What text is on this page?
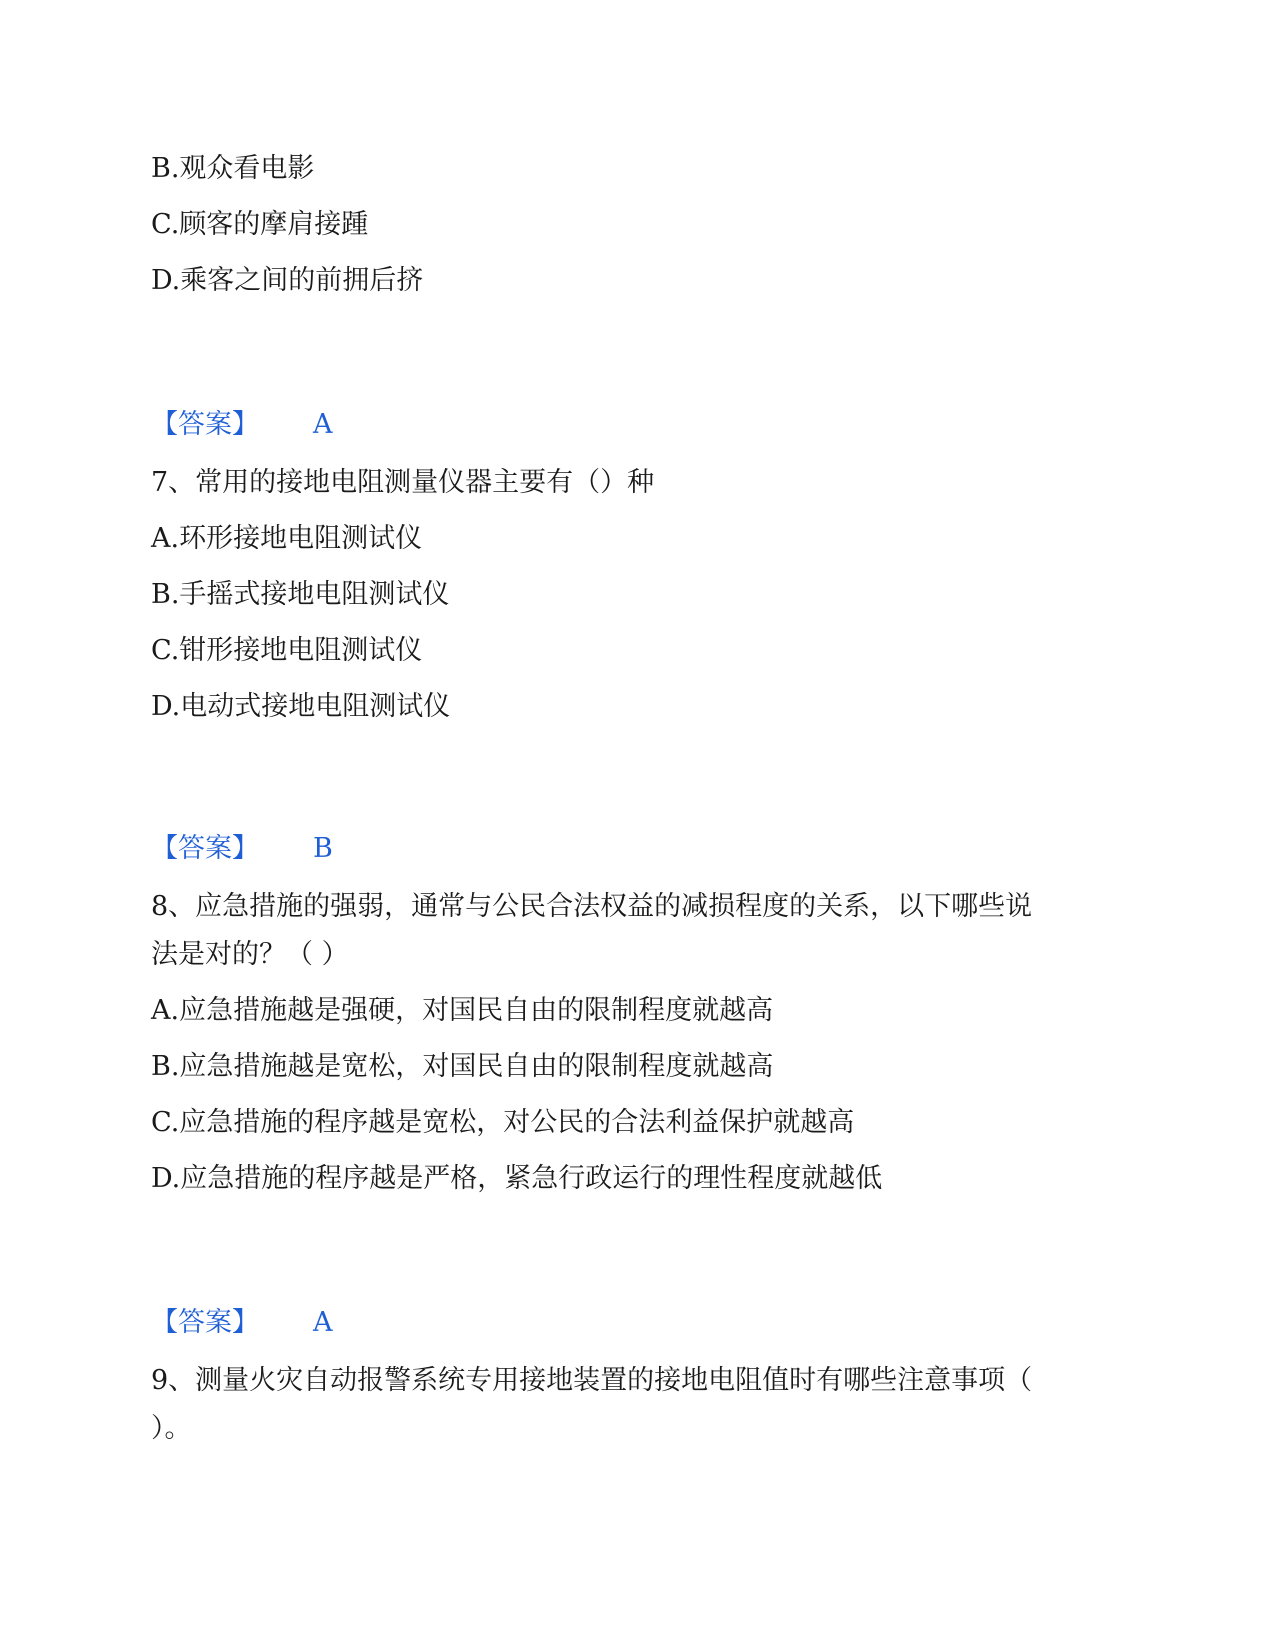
B.观众看电影
C.顾客的摩肩接踵
D.乘客之间的前拥后挤
【答案】 A
7、常用的接地电阻测量仪器主要有（）种
A.环形接地电阻测试仪
B.手摇式接地电阻测试仪
C.钳形接地电阻测试仪
D.电动式接地电阻测试仪
【答案】 B
8、应急措施的强弱，通常与公民合法权益的减损程度的关系，以下哪些说
法是对的？（ ）
A.应急措施越是强硬，对国民自由的限制程度就越高
B.应急措施越是宽松，对国民自由的限制程度就越高
C.应急措施的程序越是宽松，对公民的合法利益保护就越高
D.应急措施的程序越是严格，紧急行政运行的理性程度就越低
【答案】 A
9、测量火灾自动报警系统专用接地装置的接地电阻值时有哪些注意事项（
）。
